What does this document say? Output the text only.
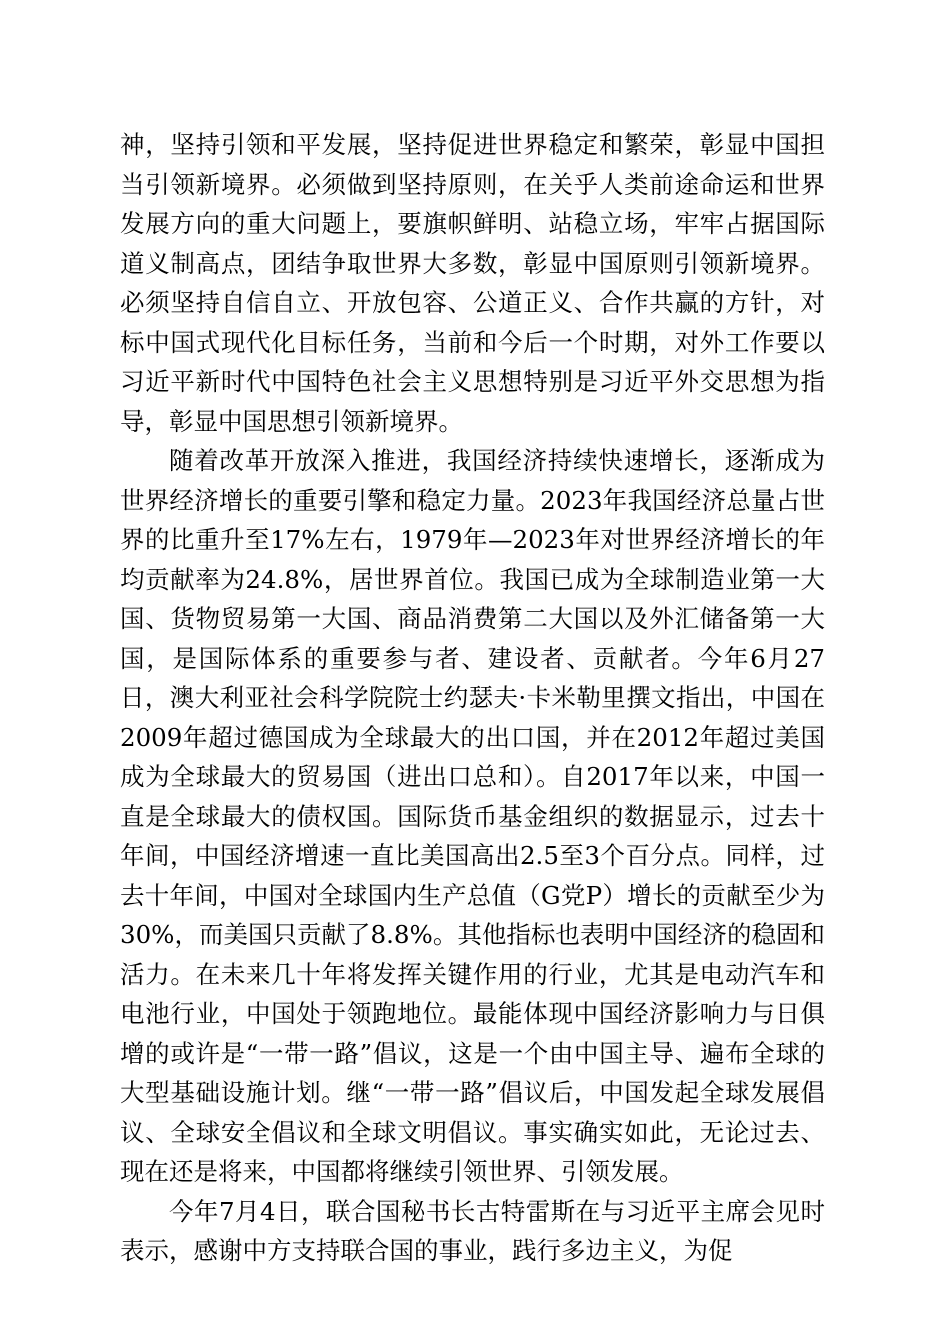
神，坚持引领和平发展，坚持促进世界稳定和繁荣，彰显中国担当引领新境界。必须做到坚持原则，在关乎人类前途命运和世界发展方向的重大问题上，要旗帜鲜明、站稳立场，牢牢占据国际道义制高点，团结争取世界大多数，彰显中国原则引领新境界。必须坚持自信自立、开放包容、公道正义、合作共赢的方针，对标中国式现代化目标任务，当前和今后一个时期，对外工作要以习近平新时代中国特色社会主义思想特别是习近平外交思想为指导，彰显中国思想引领新境界。

随着改革开放深入推进，我国经济持续快速增长，逐渐成为世界经济增长的重要引擎和稳定力量。2023年我国经济总量占世界的比重升至17%左右，1979年—2023年对世界经济增长的年均贡献率为24.8%，居世界首位。我国已成为全球制造业第一大国、货物贸易第一大国、商品消费第二大国以及外汇储备第一大国，是国际体系的重要参与者、建设者、贡献者。今年6月27日，澳大利亚社会科学院院士约瑟夫·卡米勒里撰文指出，中国在2009年超过德国成为全球最大的出口国，并在2012年超过美国成为全球最大的贸易国（进出口总和）。自2017年以来，中国一直是全球最大的债权国。国际货币基金组织的数据显示，过去十年间，中国经济增速一直比美国高出2.5至3个百分点。同样，过去十年间，中国对全球国内生产总值（G党P）增长的贡献至少为30%，而美国只贡献了8.8%。其他指标也表明中国经济的稳固和活力。在未来几十年将发挥关键作用的行业，尤其是电动汽车和电池行业，中国处于领跑地位。最能体现中国经济影响力与日俱增的或许是“一带一路”倡议，这是一个由中国主导、遍布全球的大型基础设施计划。继“一带一路”倡议后，中国发起全球发展倡议、全球安全倡议和全球文明倡议。事实确实如此，无论过去、现在还是将来，中国都将继续引领世界、引领发展。

今年7月4日，联合国秘书长古特雷斯在与习近平主席会见时表示，感谢中方支持联合国的事业，践行多边主义，为促
